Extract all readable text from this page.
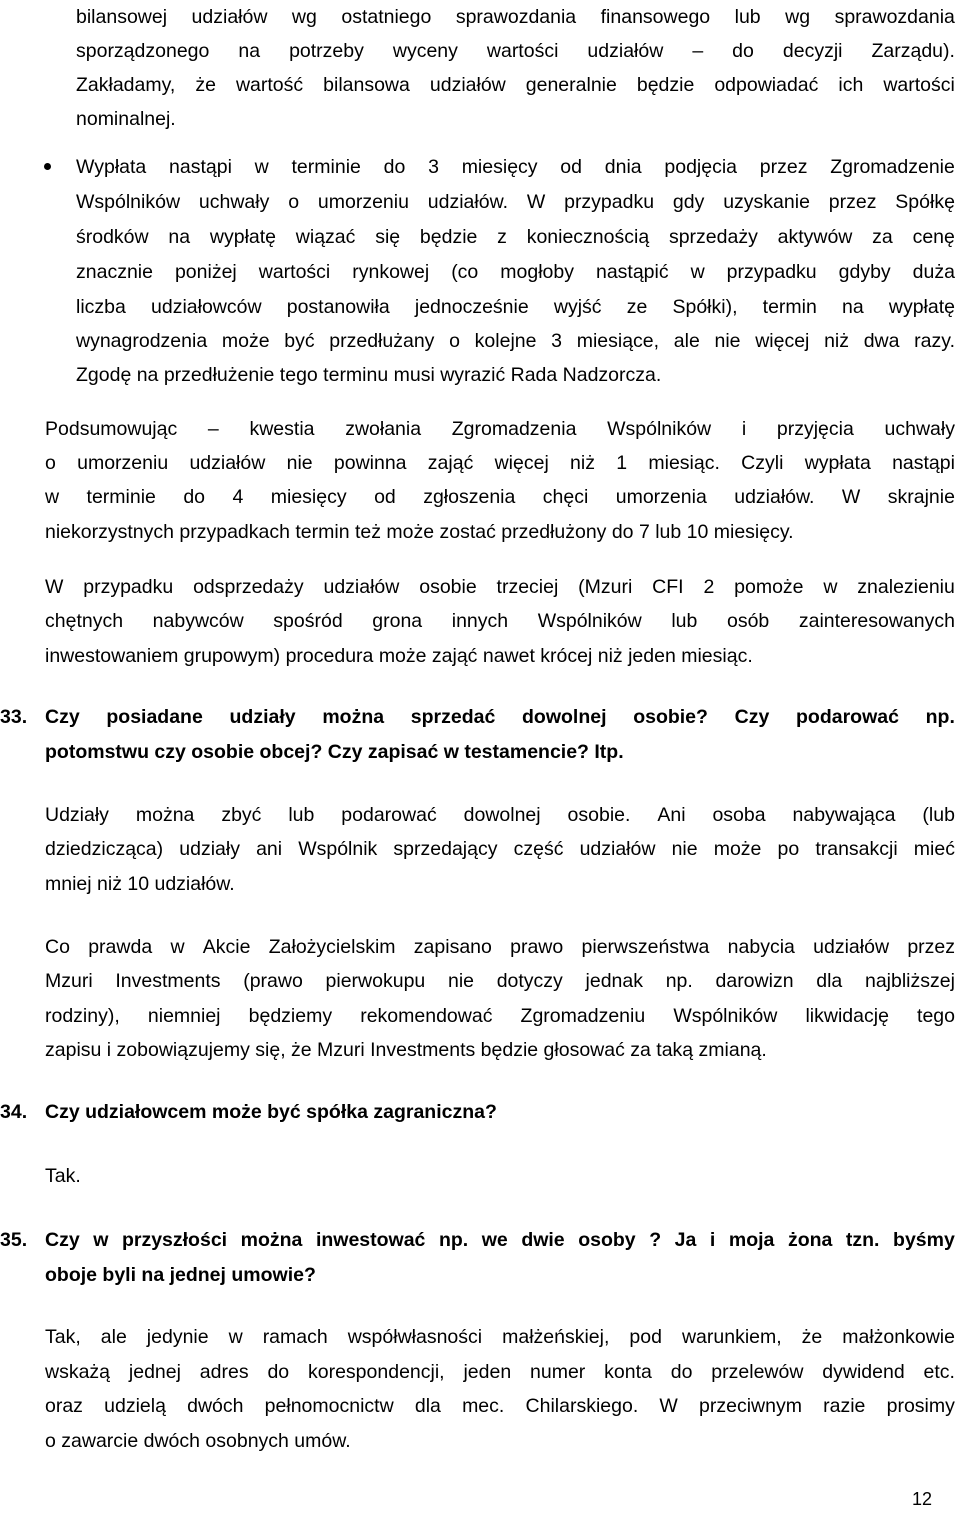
bilansowej udziałów wg ostatniego sprawozdania finansowego lub wg sprawozdania
sporządzonego na potrzeby wyceny wartości udziałów – do decyzji Zarządu).
Zakładamy, że wartość bilansowa udziałów generalnie będzie odpowiadać ich wartości
nominalnej.
Wypłata nastąpi w terminie do 3 miesięcy od dnia podjęcia przez Zgromadzenie
Wspólników uchwały o umorzeniu udziałów. W przypadku gdy uzyskanie przez Spółkę
środków na wypłatę wiązać się będzie z koniecznością sprzedaży aktywów za cenę
znacznie poniżej wartości rynkowej (co mogłoby nastąpić w przypadku gdyby duża
liczba udziałowców postanowiła jednocześnie wyjść ze Spółki), termin na wypłatę
wynagrodzenia może być przedłużany o kolejne 3 miesiące, ale nie więcej niż dwa razy.
Zgodę na przedłużenie tego terminu musi wyrazić Rada Nadzorcza.
Podsumowując – kwestia zwołania Zgromadzenia Wspólników i przyjęcia uchwały
o umorzeniu udziałów nie powinna zająć więcej niż 1 miesiąc. Czyli wypłata nastąpi
w terminie do 4 miesięcy od zgłoszenia chęci umorzenia udziałów. W skrajnie
niekorzystnych przypadkach termin też może zostać przedłużony do 7 lub 10 miesięcy.
W przypadku odsprzedaży udziałów osobie trzeciej (Mzuri CFI 2 pomoże w znalezieniu
chętnych nabywców spośród grona innych Wspólników lub osób zainteresowanych
inwestowaniem grupowym) procedura może zająć nawet krócej niż jeden miesiąc.
Czy posiadane udziały można sprzedać dowolnej osobie? Czy podarować np.
potomstwu czy osobie obcej? Czy zapisać w testamencie? Itp.
Udziały można zbyć lub podarować dowolnej osobie. Ani osoba nabywająca (lub
dziedzicząca) udziały ani Wspólnik sprzedający część udziałów nie może po transakcji mieć
mniej niż 10 udziałów.
Co prawda w Akcie Założycielskim zapisano prawo pierwszeństwa nabycia udziałów przez
Mzuri Investments (prawo pierwokupu nie dotyczy jednak np. darowizn dla najbliższej
rodziny), niemniej będziemy rekomendować Zgromadzeniu Wspólników likwidację tego
zapisu i zobowiązujemy się, że Mzuri Investments będzie głosować za taką zmianą.
Czy udziałowcem może być spółka zagraniczna?
Tak.
Czy w przyszłości można inwestować np. we dwie osoby ? Ja i moja żona tzn. byśmy
oboje byli na jednej umowie?
Tak, ale jedynie w ramach współwłasności małżeńskiej, pod warunkiem, że małżonkowie
wskażą jednej adres do korespondencji, jeden numer konta do przelewów dywidend etc.
oraz udzielą dwóch pełnomocnictw dla mec. Chilarskiego. W przeciwnym razie prosimy
o zawarcie dwóch osobnych umów.
33.
34.
35.
12
